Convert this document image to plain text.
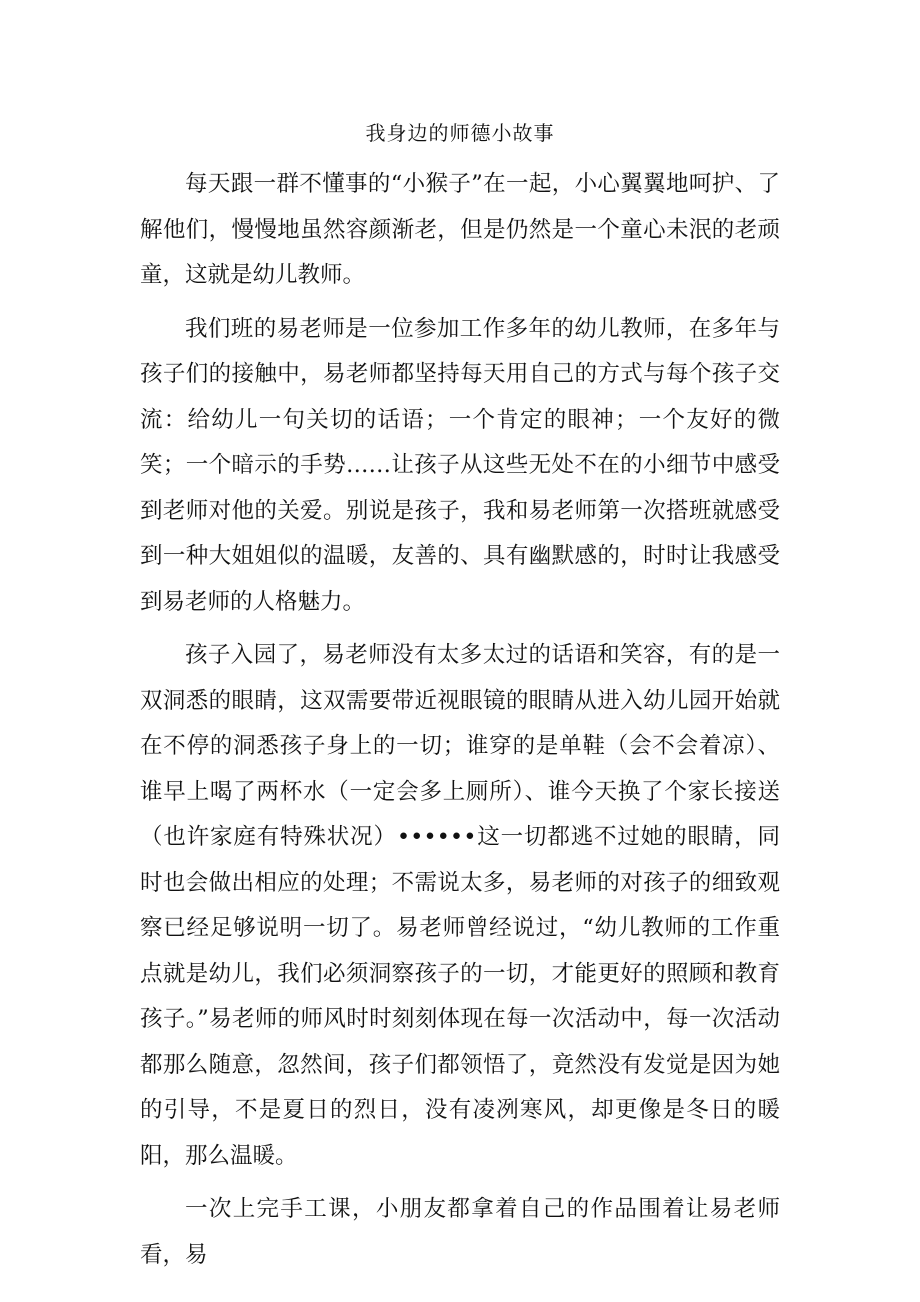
我身边的师德小故事

每天跟一群不懂事的“小猴子”在一起，小心翼翼地呵护、了解他们，慢慢地虽然容颜渐老，但是仍然是一个童心未泯的老顽童，这就是幼儿教师。

我们班的易老师是一位参加工作多年的幼儿教师，在多年与孩子们的接触中，易老师都坚持每天用自己的方式与每个孩子交流：给幼儿一句关切的话语；一个肯定的眼神；一个友好的微笑；一个暗示的手势……让孩子从这些无处不在的小细节中感受到老师对他的关爱。别说是孩子，我和易老师第一次搭班就感受到一种大姐姐似的温暖，友善的、具有幽默感的，时时让我感受到易老师的人格魅力。

孩子入园了，易老师没有太多太过的话语和笑容，有的是一双洞悉的眼睛，这双需要带近视眼镜的眼睛从进入幼儿园开始就在不停的洞悉孩子身上的一切；谁穿的是单鞋（会不会着凉）、谁早上喝了两杯水（一定会多上厕所）、谁今天换了个家长接送（也许家庭有特殊状况）••••••这一切都逃不过她的眼睛，同时也会做出相应的处理；不需说太多，易老师的对孩子的细致观察已经足够说明一切了。易老师曾经说过，“幼儿教师的工作重点就是幼儿，我们必须洞察孩子的一切，才能更好的照顾和教育孩子。”易老师的师风时时刻刻体现在每一次活动中，每一次活动都那么随意，忽然间，孩子们都领悟了，竟然没有发觉是因为她的引导，不是夏日的烈日，没有凌冽寒风，却更像是冬日的暖阳，那么温暖。

一次上完手工课，小朋友都拿着自己的作品围着让易老师看，易
